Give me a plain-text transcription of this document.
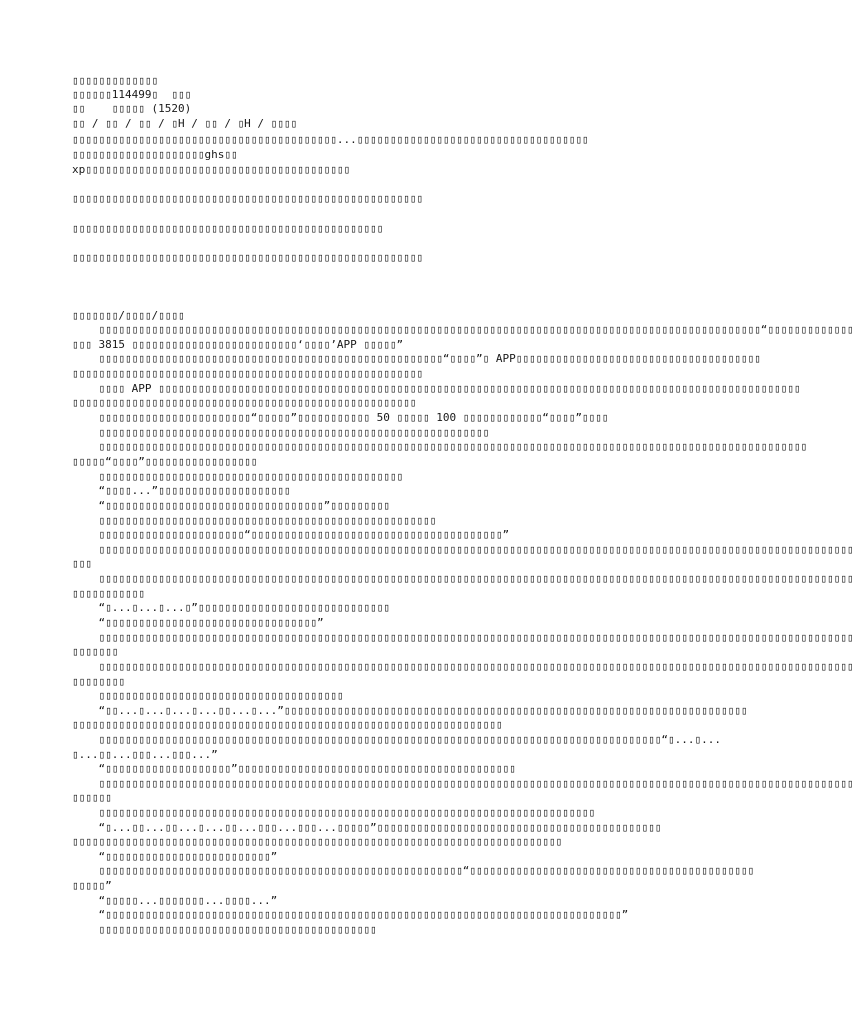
▯▯▯▯▯▯▯▯▯▯▯▯▯

▯▯▯▯▯▯114499▯  ▯▯▯

▯▯    ▯▯▯▯▯ (1520)

▯▯ / ▯▯ / ▯▯ / ▯H / ▯▯ / ▯H / ▯▯▯▯

▯▯▯▯▯▯▯▯▯▯▯▯▯▯▯▯▯▯▯▯▯▯▯▯▯▯▯▯▯▯▯▯▯▯▯▯▯▯▯▯...▯▯▯▯▯▯▯▯▯▯▯▯▯▯▯▯▯▯▯▯▯▯▯▯▯▯▯▯▯▯▯▯▯▯▯

▯▯▯▯▯▯▯▯▯▯▯▯▯▯▯▯▯▯▯▯ghs▯▯

xp▯▯▯▯▯▯▯▯▯▯▯▯▯▯▯▯▯▯▯▯▯▯▯▯▯▯▯▯▯▯▯▯▯▯▯▯▯▯▯▯

▯▯▯▯▯▯▯▯▯▯▯▯▯▯▯▯▯▯▯▯▯▯▯▯▯▯▯▯▯▯▯▯▯▯▯▯▯▯▯▯▯▯▯▯▯▯▯▯▯▯▯▯▯

▯▯▯▯▯▯▯▯▯▯▯▯▯▯▯▯▯▯▯▯▯▯▯▯▯▯▯▯▯▯▯▯▯▯▯▯▯▯▯▯▯▯▯▯▯▯▯

▯▯▯▯▯▯▯▯▯▯▯▯▯▯▯▯▯▯▯▯▯▯▯▯▯▯▯▯▯▯▯▯▯▯▯▯▯▯▯▯▯▯▯▯▯▯▯▯▯▯▯▯▯

▯▯▯▯▯▯▯/▯▯▯▯/▯▯▯▯

▯▯▯▯▯▯▯▯▯▯▯▯▯▯▯▯▯▯▯▯▯▯▯▯▯▯▯▯▯▯▯▯▯▯▯▯▯▯▯▯▯▯▯▯▯▯▯▯▯▯▯▯▯▯▯▯▯▯▯▯▯▯▯▯▯▯▯▯▯▯▯▯▯▯▯▯▯▯▯▯▯▯▯▯▯▯▯▯▯▯▯▯▯▯▯▯▯▯▯▯“▯▯▯▯▯▯▯▯▯▯▯▯▯

▯▯▯ 3815 ▯▯▯▯▯▯▯▯▯▯▯▯▯▯▯▯▯▯▯▯▯▯▯▯▯‘▯▯▯▯’APP ▯▯▯▯▯”

▯▯▯▯▯▯▯▯▯▯▯▯▯▯▯▯▯▯▯▯▯▯▯▯▯▯▯▯▯▯▯▯▯▯▯▯▯▯▯▯▯▯▯▯▯▯▯▯▯▯▯▯“▯▯▯▯”▯ APP▯▯▯▯▯▯▯▯▯▯▯▯▯▯▯▯▯▯▯▯▯▯▯▯▯▯▯▯▯▯▯▯▯▯▯▯▯

▯▯▯▯▯▯▯▯▯▯▯▯▯▯▯▯▯▯▯▯▯▯▯▯▯▯▯▯▯▯▯▯▯▯▯▯▯▯▯▯▯▯▯▯▯▯▯▯▯▯▯▯▯

▯▯▯▯ APP ▯▯▯▯▯▯▯▯▯▯▯▯▯▯▯▯▯▯▯▯▯▯▯▯▯▯▯▯▯▯▯▯▯▯▯▯▯▯▯▯▯▯▯▯▯▯▯▯▯▯▯▯▯▯▯▯▯▯▯▯▯▯▯▯▯▯▯▯▯▯▯▯▯▯▯▯▯▯▯▯▯▯▯▯▯▯▯▯▯▯▯▯▯▯▯▯▯

▯▯▯▯▯▯▯▯▯▯▯▯▯▯▯▯▯▯▯▯▯▯▯▯▯▯▯▯▯▯▯▯▯▯▯▯▯▯▯▯▯▯▯▯▯▯▯▯▯▯▯▯

▯▯▯▯▯▯▯▯▯▯▯▯▯▯▯▯▯▯▯▯▯▯▯“▯▯▯▯▯”▯▯▯▯▯▯▯▯▯▯▯ 50 ▯▯▯▯▯ 100 ▯▯▯▯▯▯▯▯▯▯▯▯“▯▯▯▯”▯▯▯▯

▯▯▯▯▯▯▯▯▯▯▯▯▯▯▯▯▯▯▯▯▯▯▯▯▯▯▯▯▯▯▯▯▯▯▯▯▯▯▯▯▯▯▯▯▯▯▯▯▯▯▯▯▯▯▯▯▯▯▯

▯▯▯▯▯▯▯▯▯▯▯▯▯▯▯▯▯▯▯▯▯▯▯▯▯▯▯▯▯▯▯▯▯▯▯▯▯▯▯▯▯▯▯▯▯▯▯▯▯▯▯▯▯▯▯▯▯▯▯▯▯▯▯▯▯▯▯▯▯▯▯▯▯▯▯▯▯▯▯▯▯▯▯▯▯▯▯▯▯▯▯▯▯▯▯▯▯▯▯▯▯▯▯▯▯▯▯

▯▯▯▯▯“▯▯▯▯”▯▯▯▯▯▯▯▯▯▯▯▯▯▯▯▯▯

▯▯▯▯▯▯▯▯▯▯▯▯▯▯▯▯▯▯▯▯▯▯▯▯▯▯▯▯▯▯▯▯▯▯▯▯▯▯▯▯▯▯▯▯▯▯

“▯▯▯▯...”▯▯▯▯▯▯▯▯▯▯▯▯▯▯▯▯▯▯▯▯

“▯▯▯▯▯▯▯▯▯▯▯▯▯▯▯▯▯▯▯▯▯▯▯▯▯▯▯▯▯▯▯▯▯”▯▯▯▯▯▯▯▯▯

▯▯▯▯▯▯▯▯▯▯▯▯▯▯▯▯▯▯▯▯▯▯▯▯▯▯▯▯▯▯▯▯▯▯▯▯▯▯▯▯▯▯▯▯▯▯▯▯▯▯▯

▯▯▯▯▯▯▯▯▯▯▯▯▯▯▯▯▯▯▯▯▯▯“▯▯▯▯▯▯▯▯▯▯▯▯▯▯▯▯▯▯▯▯▯▯▯▯▯▯▯▯▯▯▯▯▯▯▯▯▯▯”

▯▯▯▯▯▯▯▯▯▯▯▯▯▯▯▯▯▯▯▯▯▯▯▯▯▯▯▯▯▯▯▯▯▯▯▯▯▯▯▯▯▯▯▯▯▯▯▯▯▯▯▯▯▯▯▯▯▯▯▯▯▯▯▯▯▯▯▯▯▯▯▯▯▯▯▯▯▯▯▯▯▯▯▯▯▯▯▯▯▯▯▯▯▯▯▯▯▯▯▯▯▯▯▯▯▯▯▯▯▯▯▯▯▯

▯▯▯

▯▯▯▯▯▯▯▯▯▯▯▯▯▯▯▯▯▯▯▯▯▯▯▯▯▯▯▯▯▯▯▯▯▯▯▯▯▯▯▯▯▯▯▯▯▯▯▯▯▯▯▯▯▯▯▯▯▯▯▯▯▯▯▯▯▯▯▯▯▯▯▯▯▯▯▯▯▯▯▯▯▯▯▯▯▯▯▯▯▯▯▯▯▯▯▯▯▯▯▯▯▯▯▯▯▯▯▯▯▯▯▯▯▯

▯▯▯▯▯▯▯▯▯▯▯

“▯...▯...▯...▯”▯▯▯▯▯▯▯▯▯▯▯▯▯▯▯▯▯▯▯▯▯▯▯▯▯▯▯▯▯

“▯▯▯▯▯▯▯▯▯▯▯▯▯▯▯▯▯▯▯▯▯▯▯▯▯▯▯▯▯▯▯▯”

▯▯▯▯▯▯▯▯▯▯▯▯▯▯▯▯▯▯▯▯▯▯▯▯▯▯▯▯▯▯▯▯▯▯▯▯▯▯▯▯▯▯▯▯▯▯▯▯▯▯▯▯▯▯▯▯▯▯▯▯▯▯▯▯▯▯▯▯▯▯▯▯▯▯▯▯▯▯▯▯▯▯▯▯▯▯▯▯▯▯▯▯▯▯▯▯▯▯▯▯▯▯▯▯▯▯▯▯▯▯▯▯▯▯

▯▯▯▯▯▯▯

▯▯▯▯▯▯▯▯▯▯▯▯▯▯▯▯▯▯▯▯▯▯▯▯▯▯▯▯▯▯▯▯▯▯▯▯▯▯▯▯▯▯▯▯▯▯▯▯▯▯▯▯▯▯▯▯▯▯▯▯▯▯▯▯▯▯▯▯▯▯▯▯▯▯▯▯▯▯▯▯▯▯▯▯▯▯▯▯▯▯▯▯▯▯▯▯▯▯▯▯▯▯▯▯▯▯▯▯▯▯▯▯▯▯

▯▯▯▯▯▯▯▯

▯▯▯▯▯▯▯▯▯▯▯▯▯▯▯▯▯▯▯▯▯▯▯▯▯▯▯▯▯▯▯▯▯▯▯▯▯

“▯▯...▯...▯...▯...▯▯...▯...”▯▯▯▯▯▯▯▯▯▯▯▯▯▯▯▯▯▯▯▯▯▯▯▯▯▯▯▯▯▯▯▯▯▯▯▯▯▯▯▯▯▯▯▯▯▯▯▯▯▯▯▯▯▯▯▯▯▯▯▯▯▯▯▯▯▯▯▯▯▯

▯▯▯▯▯▯▯▯▯▯▯▯▯▯▯▯▯▯▯▯▯▯▯▯▯▯▯▯▯▯▯▯▯▯▯▯▯▯▯▯▯▯▯▯▯▯▯▯▯▯▯▯▯▯▯▯▯▯▯▯▯▯▯▯▯

▯▯▯▯▯▯▯▯▯▯▯▯▯▯▯▯▯▯▯▯▯▯▯▯▯▯▯▯▯▯▯▯▯▯▯▯▯▯▯▯▯▯▯▯▯▯▯▯▯▯▯▯▯▯▯▯▯▯▯▯▯▯▯▯▯▯▯▯▯▯▯▯▯▯▯▯▯▯▯▯▯▯▯▯▯“▯...▯...

▯...▯▯...▯▯▯...▯▯▯...”

“▯▯▯▯▯▯▯▯▯▯▯▯▯▯▯▯▯▯▯”▯▯▯▯▯▯▯▯▯▯▯▯▯▯▯▯▯▯▯▯▯▯▯▯▯▯▯▯▯▯▯▯▯▯▯▯▯▯▯▯▯▯

▯▯▯▯▯▯▯▯▯▯▯▯▯▯▯▯▯▯▯▯▯▯▯▯▯▯▯▯▯▯▯▯▯▯▯▯▯▯▯▯▯▯▯▯▯▯▯▯▯▯▯▯▯▯▯▯▯▯▯▯▯▯▯▯▯▯▯▯▯▯▯▯▯▯▯▯▯▯▯▯▯▯▯▯▯▯▯▯▯▯▯▯▯▯▯▯▯▯▯▯▯▯▯▯▯▯▯▯▯▯▯▯▯▯

▯▯▯▯▯▯

▯▯▯▯▯▯▯▯▯▯▯▯▯▯▯▯▯▯▯▯▯▯▯▯▯▯▯▯▯▯▯▯▯▯▯▯▯▯▯▯▯▯▯▯▯▯▯▯▯▯▯▯▯▯▯▯▯▯▯▯▯▯▯▯▯▯▯▯▯▯▯▯▯▯▯

“▯...▯▯...▯▯...▯...▯▯...▯▯▯...▯▯▯...▯▯▯▯▯”▯▯▯▯▯▯▯▯▯▯▯▯▯▯▯▯▯▯▯▯▯▯▯▯▯▯▯▯▯▯▯▯▯▯▯▯▯▯▯▯▯▯▯

▯▯▯▯▯▯▯▯▯▯▯▯▯▯▯▯▯▯▯▯▯▯▯▯▯▯▯▯▯▯▯▯▯▯▯▯▯▯▯▯▯▯▯▯▯▯▯▯▯▯▯▯▯▯▯▯▯▯▯▯▯▯▯▯▯▯▯▯▯▯▯▯▯▯

“▯▯▯▯▯▯▯▯▯▯▯▯▯▯▯▯▯▯▯▯▯▯▯▯▯”

▯▯▯▯▯▯▯▯▯▯▯▯▯▯▯▯▯▯▯▯▯▯▯▯▯▯▯▯▯▯▯▯▯▯▯▯▯▯▯▯▯▯▯▯▯▯▯▯▯▯▯▯▯▯▯“▯▯▯▯▯▯▯▯▯▯▯▯▯▯▯▯▯▯▯▯▯▯▯▯▯▯▯▯▯▯▯▯▯▯▯▯▯▯▯▯▯▯▯

▯▯▯▯▯”

“▯▯▯▯▯...▯▯▯▯▯▯▯...▯▯▯▯...”

“▯▯▯▯▯▯▯▯▯▯▯▯▯▯▯▯▯▯▯▯▯▯▯▯▯▯▯▯▯▯▯▯▯▯▯▯▯▯▯▯▯▯▯▯▯▯▯▯▯▯▯▯▯▯▯▯▯▯▯▯▯▯▯▯▯▯▯▯▯▯▯▯▯▯▯▯▯▯”

▯▯▯▯▯▯▯▯▯▯▯▯▯▯▯▯▯▯▯▯▯▯▯▯▯▯▯▯▯▯▯▯▯▯▯▯▯▯▯▯▯▯
